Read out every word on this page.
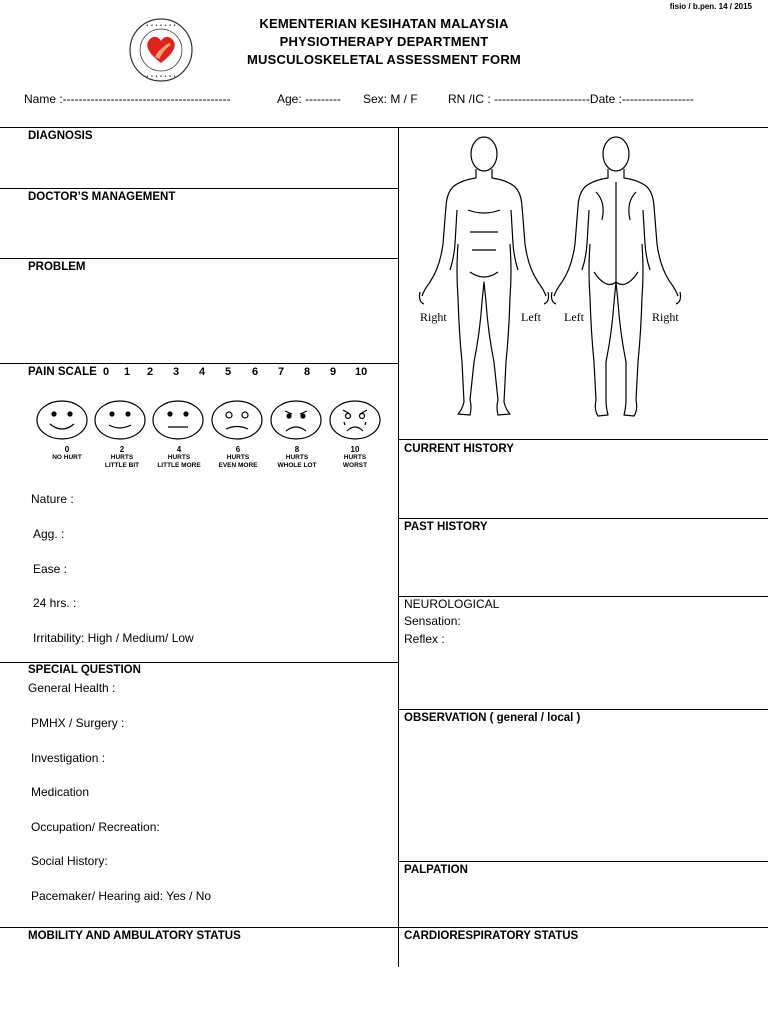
fisio / b.pen. 14 / 2015
• • • • • • •
• • • • • • •
KEMENTERIAN KESIHATAN MALAYSIA
PHYSIOTHERAPY DEPARTMENT
MUSCULOSKELETAL ASSESSMENT FORM
Name :------------------------------------------	Age: --------- Sex: M / F	RN /IC : ------------------------Date :------------------
DIAGNOSIS
DOCTOR’S MANAGEMENT
PROBLEM
PAIN SCALE 0 1 2 3 4 5 6 7 8 9 10
0
NO HURT
2
HURTS
LITTLE BIT
4
HURTS
LITTLE MORE
6
HURTS
EVEN MORE
8
HURTS
WHOLE LOT
10
HURTS
WORST
Nature :
Agg. :
Ease :
24 hrs. :
Irritability: High / Medium/ Low
SPECIAL QUESTION
General Health :
PMHX / Surgery :
Investigation :
Medication
Occupation/ Recreation:
Social History:
Pacemaker/ Hearing aid: Yes / No
MOBILITY AND AMBULATORY STATUS
Right	Left Left	Right
CURRENT HISTORY
PAST HISTORY
NEUROLOGICAL
Sensation:
Reflex :
OBSERVATION ( general / local )
PALPATION
CARDIORESPIRATORY STATUS
